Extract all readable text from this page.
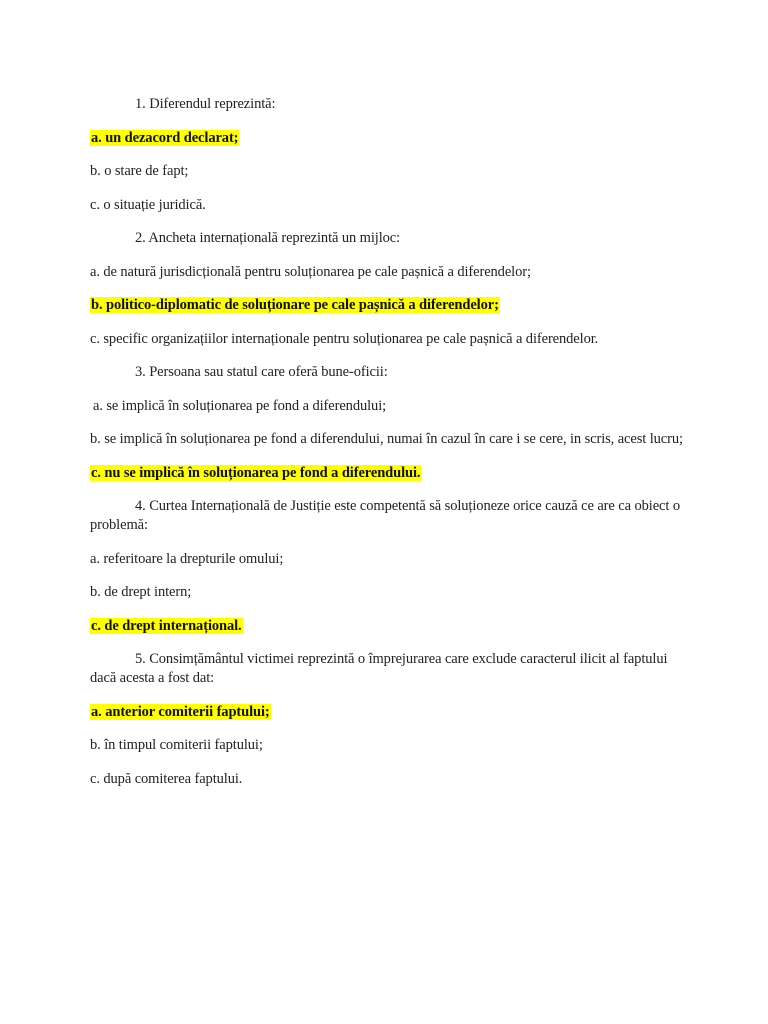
1. Diferendul reprezintă:

a. un dezacord declarat;

b. o stare de fapt;

c. o situație juridică.

2. Ancheta internațională reprezintă un mijloc:

a. de natură jurisdicțională pentru soluționarea pe cale pașnică a diferendelor;

b. politico-diplomatic de soluționare pe cale pașnică a diferendelor;

c. specific organizațiilor internaționale pentru soluționarea pe cale pașnică a diferendelor.

3. Persoana sau statul care oferă bune-oficii:

a. se implică în soluționarea pe fond a diferendului;

b. se implică în soluționarea pe fond a diferendului, numai în cazul în care i se cere, in scris, acest lucru;

c. nu se implică în soluționarea pe fond a diferendului.

4. Curtea Internațională de Justiție este competentă să soluționeze orice cauză ce are ca obiect o problemă:

a. referitoare la drepturile omului;

b. de drept intern;

c. de drept internațional.

5. Consimțământul victimei reprezintă o împrejurarea care exclude caracterul ilicit al faptului dacă acesta a fost dat:

a. anterior comiterii faptului;

b. în timpul comiterii faptului;

c. după comiterea faptului.
